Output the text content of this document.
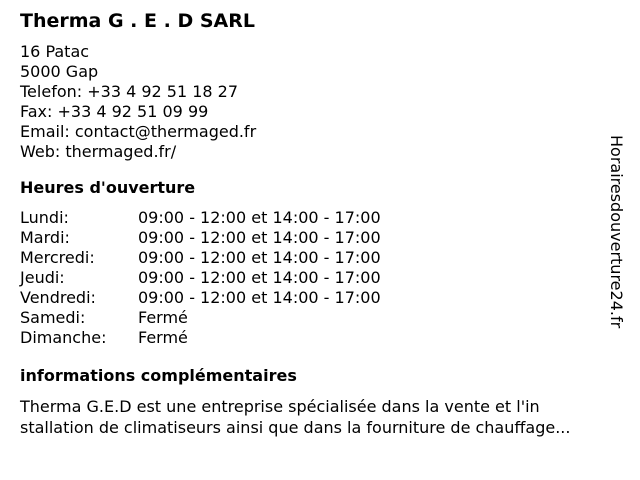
Therma G . E . D SARL
16 Patac
5000 Gap
Telefon: +33 4 92 51 18 27
Fax: +33 4 92 51 09 99
Email: contact@thermaged.fr
Web: thermaged.fr/
Heures d'ouverture
Lundi:	09:00 - 12:00 et 14:00 - 17:00
Mardi:	09:00 - 12:00 et 14:00 - 17:00
Mercredi:	09:00 - 12:00 et 14:00 - 17:00
Jeudi:	09:00 - 12:00 et 14:00 - 17:00
Vendredi:	09:00 - 12:00 et 14:00 - 17:00
Samedi:	Fermé
Dimanche:	Fermé
informations complémentaires
Therma G.E.D est une entreprise spécialisée dans la vente et l'in
stallation de climatiseurs ainsi que dans la fourniture de chauffage...
Horairesdouverture24.fr
